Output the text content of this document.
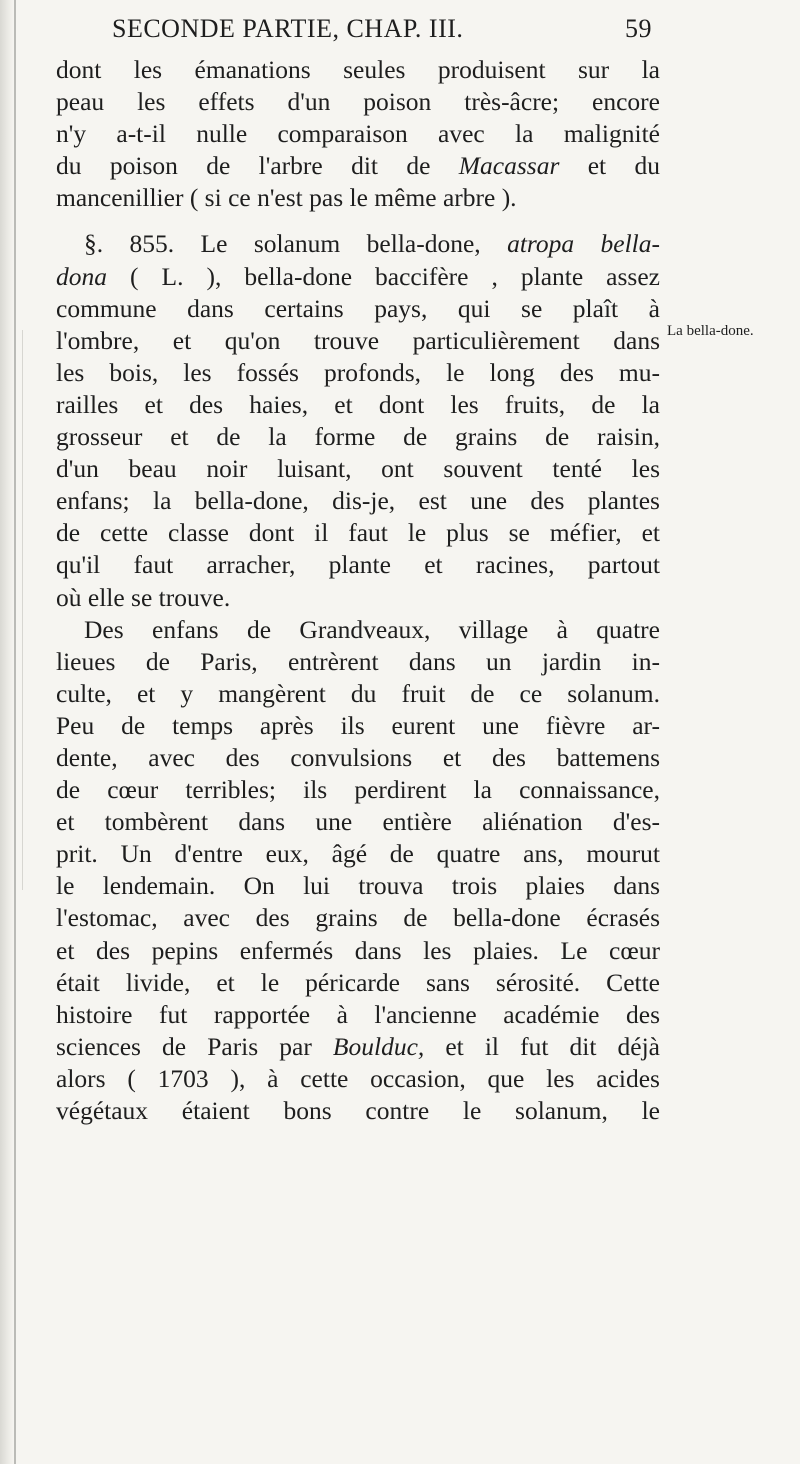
SECONDE PARTIE, CHAP. III.	59
La bella-done.
dont les émanations seules produisent sur la
peau les effets d'un poison très-âcre; encore
n'y a-t-il nulle comparaison avec la malignité
du poison de l'arbre dit de Macassar et du
mancenillier ( si ce n'est pas le même arbre ).
§. 855. Le solanum bella-done, atropa bella-
dona ( L. ), bella-done baccifère , plante assez
commune dans certains pays, qui se plaît à
l'ombre, et qu'on trouve particulièrement dans
les bois, les fossés profonds, le long des mu-
railles et des haies, et dont les fruits, de la
grosseur et de la forme de grains de raisin,
d'un beau noir luisant, ont souvent tenté les
enfans; la bella-done, dis-je, est une des plantes
de cette classe dont il faut le plus se méfier, et
qu'il faut arracher, plante et racines, partout
où elle se trouve.
Des enfans de Grandveaux, village à quatre
lieues de Paris, entrèrent dans un jardin in-
culte, et y mangèrent du fruit de ce solanum.
Peu de temps après ils eurent une fièvre ar-
dente, avec des convulsions et des battemens
de cœur terribles; ils perdirent la connaissance,
et tombèrent dans une entière aliénation d'es-
prit. Un d'entre eux, âgé de quatre ans, mourut
le lendemain. On lui trouva trois plaies dans
l'estomac, avec des grains de bella-done écrasés
et des pepins enfermés dans les plaies. Le cœur
était livide, et le péricarde sans sérosité. Cette
histoire fut rapportée à l'ancienne académie des
sciences de Paris par Boulduc, et il fut dit déjà
alors ( 1703 ), à cette occasion, que les acides
végétaux étaient bons contre le solanum, le
